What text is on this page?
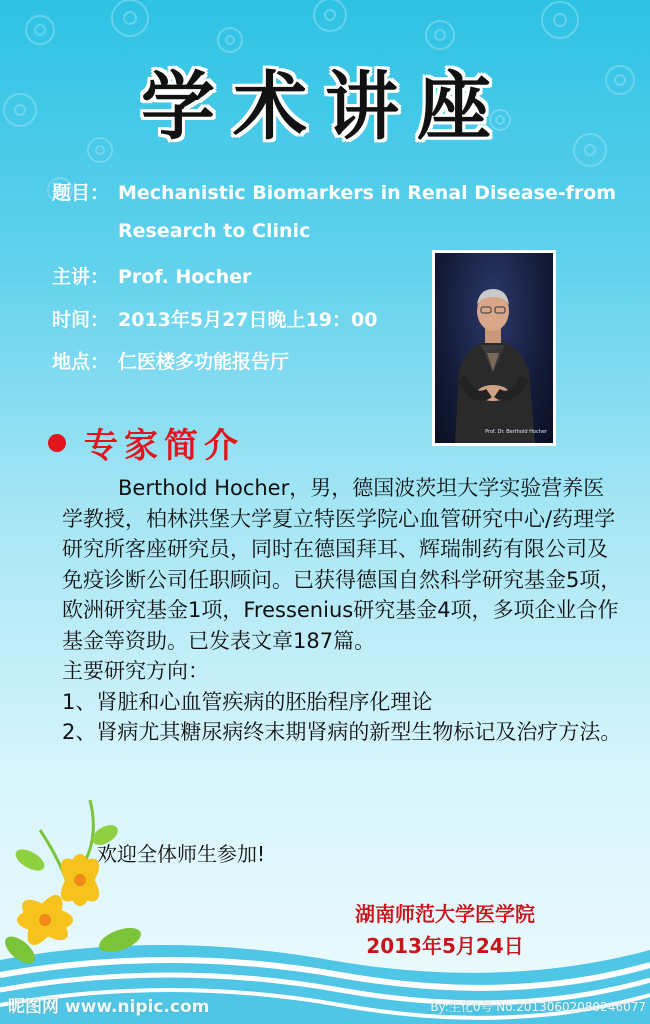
学术讲座
题目： Mechanistic Biomarkers in Renal Disease-from
Research to Clinic
主讲： Prof. Hocher
时间： 2013年5月27日晚上19：00
地点： 仁医楼多功能报告厅
Prof. Dr. Berthold Hocher
专家简介

Berthold Hocher，男，德国波茨坦大学实验营养医学教授，柏林洪堡大学夏立特医学院心血管研究中心/药理学研究所客座研究员，同时在德国拜耳、辉瑞制药有限公司及免疫诊断公司任职顾问。已获得德国自然科学研究基金5项，欧洲研究基金1项，Fressenius研究基金4项，多项企业合作基金等资助。已发表文章187篇。

主要研究方向：

1、肾脏和心血管疾病的胚胎程序化理论

2、肾病尤其糖尿病终末期肾病的新型生物标记及治疗方法。

欢迎全体师生参加!
湖南师范大学医学院
2013年5月24日
昵图网 www.nipic.com	By:生化0号 No.20130602080246077
